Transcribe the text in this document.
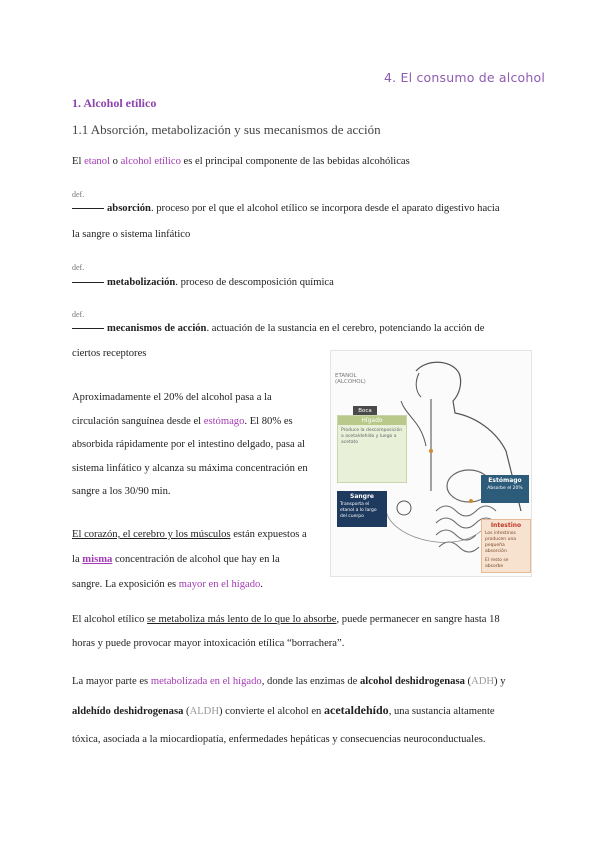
4. El consumo de alcohol
1. Alcohol etílico
1.1 Absorción, metabolización y sus mecanismos de acción
El etanol o alcohol etílico es el principal componente de las bebidas alcohólicas
def.
absorción. proceso por el que el alcohol etílico se incorpora desde el aparato digestivo hacia
la sangre o sistema linfático
def.
metabolización. proceso de descomposición química
def.
mecanismos de acción. actuación de la sustancia en el cerebro, potenciando la acción de
ciertos receptores
Aproximadamente el 20% del alcohol pasa a la
circulación sanguínea desde el estómago. El 80% es
absorbida rápidamente por el intestino delgado, pasa al
sistema linfático y alcanza su máxima concentración en
sangre a los 30/90 min.
El corazón, el cerebro y los músculos están expuestos a
la misma concentración de alcohol que hay en la
sangre. La exposición es mayor en el hígado.
El alcohol etílico se metaboliza más lento de lo que lo absorbe, puede permanecer en sangre hasta 18
horas y puede provocar mayor intoxicación etílica “borrachera”.
La mayor parte es metabolizada en el hígado, donde las enzimas de alcohol deshidrogenasa (ADH) y
aldehído deshidrogenasa (ALDH) convierte el alcohol en acetaldehído, una sustancia altamente
tóxica, asociada a la miocardiopatía, enfermedades hepáticas y consecuencias neuroconductuales.
ETANOL
(ALCOHOL)
Boca
Hígado
Produce la descomposición a acetaldehído y luego a acetato
Sangre
Transporta el etanol a lo largo del cuerpo
Estómago
Absorbe el 20%
Intestino
Los intestinos producen una pequeña absorción
El resto se absorbe
